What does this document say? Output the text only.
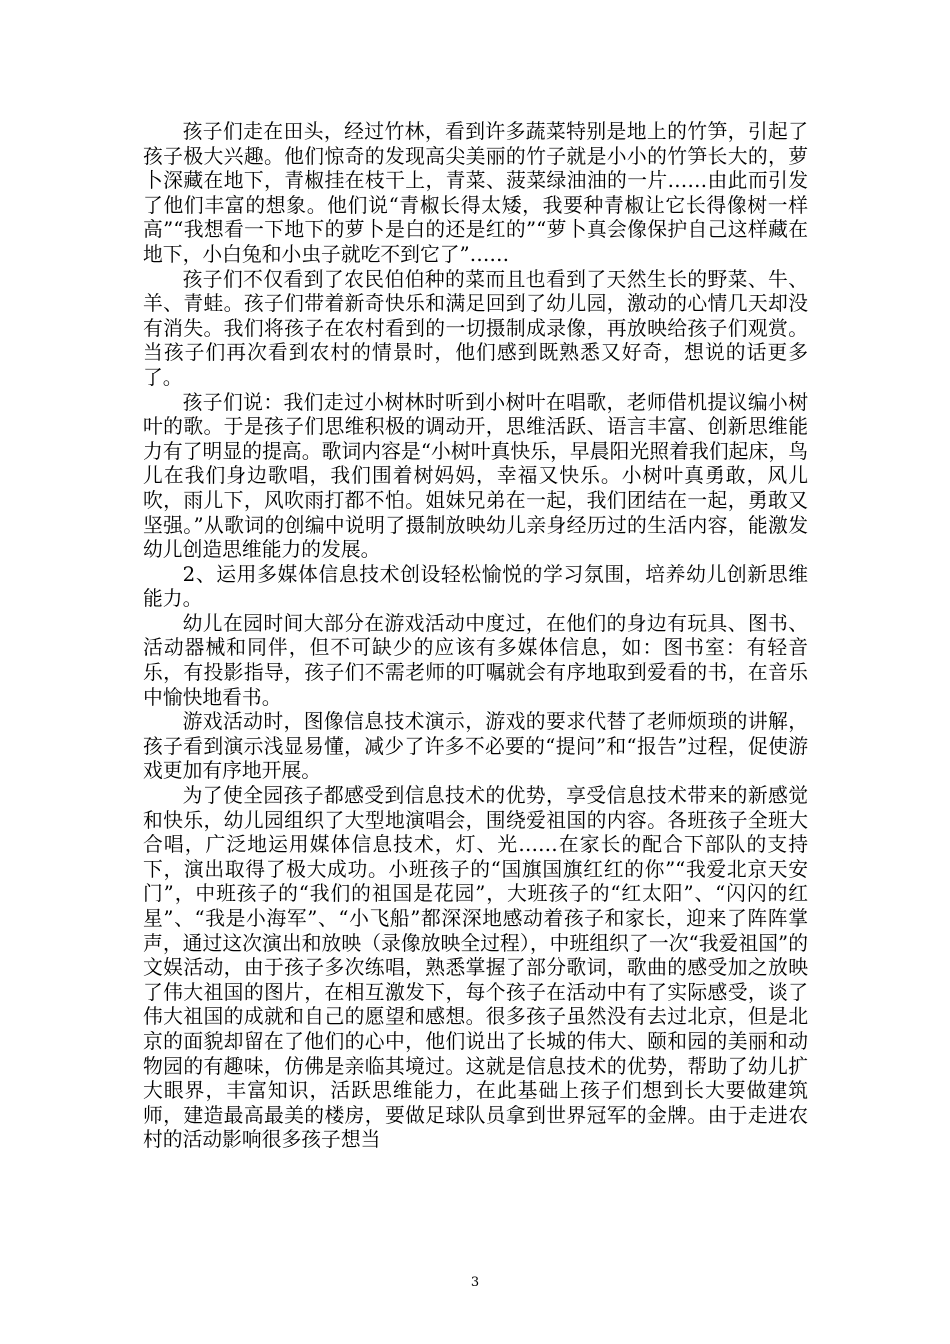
孩子们走在田头，经过竹林，看到许多蔬菜特别是地上的竹笋，引起了孩子极大兴趣。他们惊奇的发现高尖美丽的竹子就是小小的竹笋长大的，萝卜深藏在地下，青椒挂在枝干上，青菜、菠菜绿油油的一片……由此而引发了他们丰富的想象。他们说“青椒长得太矮，我要种青椒让它长得像树一样高”“我想看一下地下的萝卜是白的还是红的”“萝卜真会像保护自己这样藏在地下，小白兔和小虫子就吃不到它了”……

孩子们不仅看到了农民伯伯种的菜而且也看到了天然生长的野菜、牛、羊、青蛙。孩子们带着新奇快乐和满足回到了幼儿园，激动的心情几天却没有消失。我们将孩子在农村看到的一切摄制成录像，再放映给孩子们观赏。当孩子们再次看到农村的情景时，他们感到既熟悉又好奇，想说的话更多了。

孩子们说：我们走过小树林时听到小树叶在唱歌，老师借机提议编小树叶的歌。于是孩子们思维积极的调动开，思维活跃、语言丰富、创新思维能力有了明显的提高。歌词内容是“小树叶真快乐，早晨阳光照着我们起床，鸟儿在我们身边歌唱，我们围着树妈妈，幸福又快乐。小树叶真勇敢，风儿吹，雨儿下，风吹雨打都不怕。姐妹兄弟在一起，我们团结在一起，勇敢又坚强。”从歌词的创编中说明了摄制放映幼儿亲身经历过的生活内容，能激发幼儿创造思维能力的发展。

2、运用多媒体信息技术创设轻松愉悦的学习氛围，培养幼儿创新思维能力。

幼儿在园时间大部分在游戏活动中度过，在他们的身边有玩具、图书、活动器械和同伴，但不可缺少的应该有多媒体信息，如：图书室：有轻音乐，有投影指导，孩子们不需老师的叮嘱就会有序地取到爱看的书，在音乐中愉快地看书。

游戏活动时，图像信息技术演示，游戏的要求代替了老师烦琐的讲解，孩子看到演示浅显易懂，减少了许多不必要的“提问”和“报告”过程，促使游戏更加有序地开展。

为了使全园孩子都感受到信息技术的优势，享受信息技术带来的新感觉和快乐，幼儿园组织了大型地演唱会，围绕爱祖国的内容。各班孩子全班大合唱，广泛地运用媒体信息技术，灯、光……在家长的配合下部队的支持下，演出取得了极大成功。小班孩子的“国旗国旗红红的你”“我爱北京天安门”，中班孩子的“我们的祖国是花园”，大班孩子的“红太阳”、“闪闪的红星”、“我是小海军”、“小飞船”都深深地感动着孩子和家长，迎来了阵阵掌声，通过这次演出和放映（录像放映全过程），中班组织了一次“我爱祖国”的文娱活动，由于孩子多次练唱，熟悉掌握了部分歌词，歌曲的感受加之放映了伟大祖国的图片，在相互激发下，每个孩子在活动中有了实际感受，谈了伟大祖国的成就和自己的愿望和感想。很多孩子虽然没有去过北京，但是北京的面貌却留在了他们的心中，他们说出了长城的伟大、颐和园的美丽和动物园的有趣味，仿佛是亲临其境过。这就是信息技术的优势，帮助了幼儿扩大眼界，丰富知识，活跃思维能力，在此基础上孩子们想到长大要做建筑师，建造最高最美的楼房，要做足球队员拿到世界冠军的金牌。由于走进农村的活动影响很多孩子想当

3
